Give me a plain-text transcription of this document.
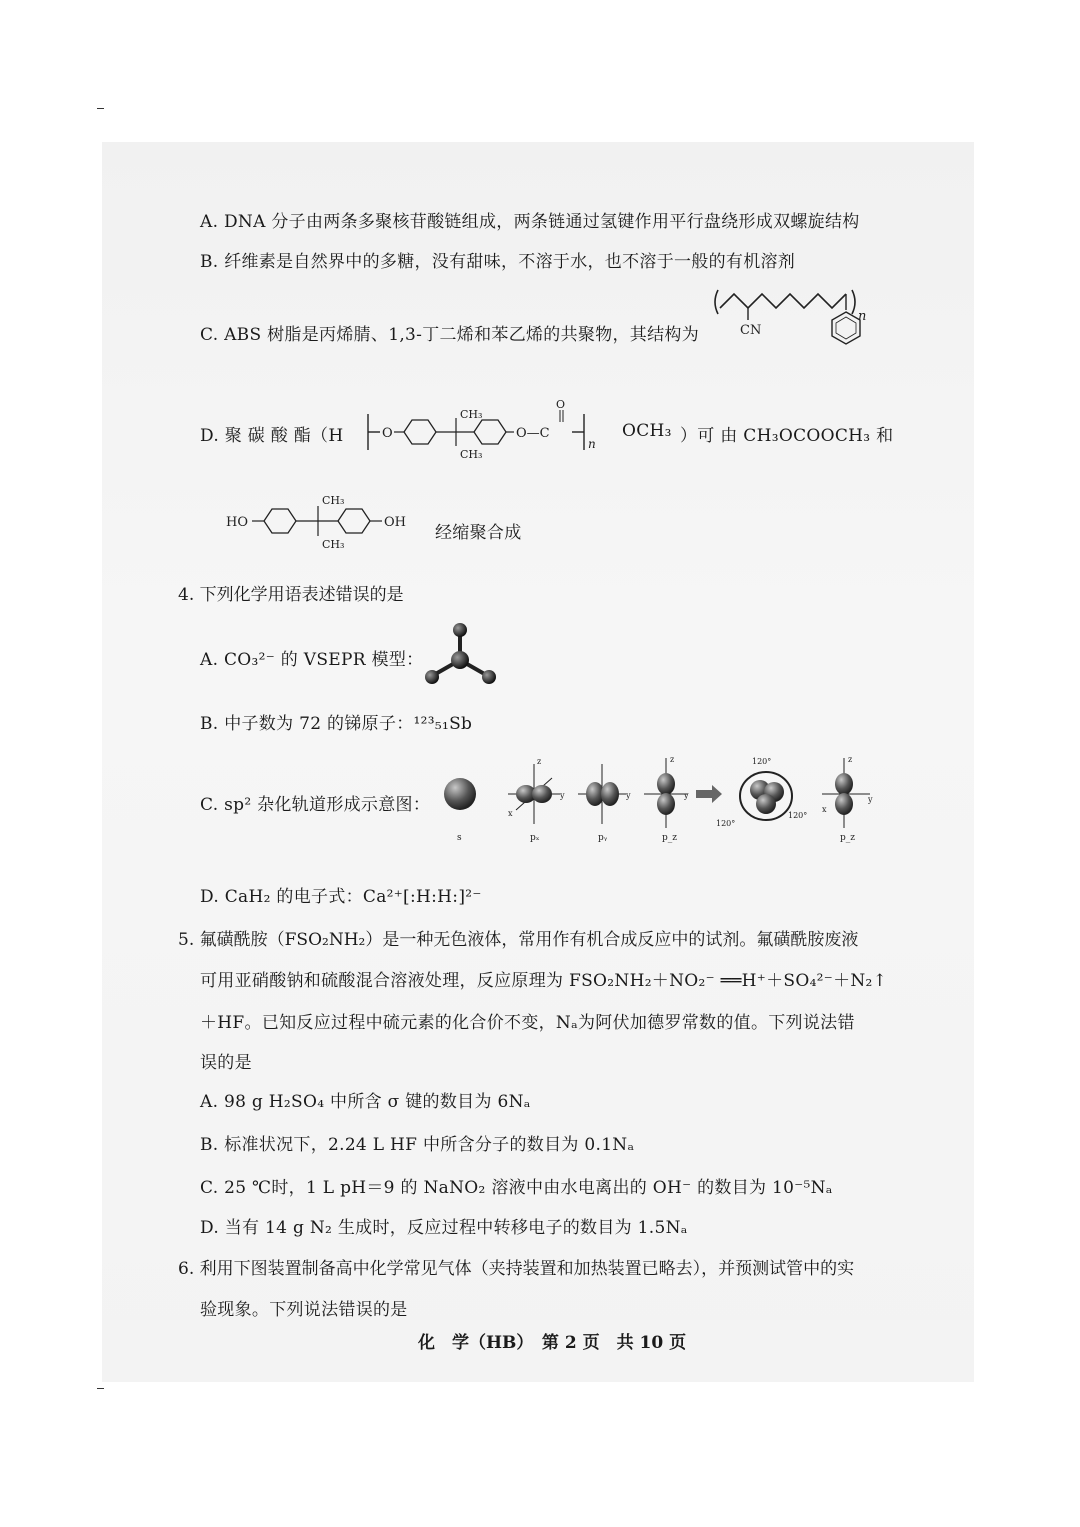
A. DNA 分子由两条多聚核苷酸链组成，两条链通过氢键作用平行盘绕形成双螺旋结构
B. 纤维素是自然界中的多糖，没有甜味，不溶于水，也不溶于一般的有机溶剂
C. ABS 树脂是丙烯腈、1,3-丁二烯和苯乙烯的共聚物，其结构为	CN
n
D. 聚 碳 酸 酯（H	O
CH₃
CH₃
O—C
O
n
OCH₃ ）可 由 CH₃OCOOCH₃ 和
HO
CH₃
CH₃
OH
经缩聚合成
4. 下列化学用语表述错误的是
A. CO₃²⁻ 的 VSEPR 模型：
B. 中子数为 72 的锑原子：¹²³₅₁Sb
C. sp² 杂化轨道形成示意图：
s
z
y
x
pₓ
y
pᵧ
z
y
p_z
120°
120°
120°
z
y
x
p_z
D. CaH₂ 的电子式：Ca²⁺[:H:H:]²⁻
5. 氟磺酰胺（FSO₂NH₂）是一种无色液体，常用作有机合成反应中的试剂。氟磺酰胺废液
可用亚硝酸钠和硫酸混合溶液处理，反应原理为 FSO₂NH₂＋NO₂⁻ ══H⁺＋SO₄²⁻＋N₂↑
＋HF。已知反应过程中硫元素的化合价不变，Nₐ为阿伏加德罗常数的值。下列说法错
误的是
A. 98 g H₂SO₄ 中所含 σ 键的数目为 6Nₐ
B. 标准状况下，2.24 L HF 中所含分子的数目为 0.1Nₐ
C. 25 ℃时，1 L pH＝9 的 NaNO₂ 溶液中由水电离出的 OH⁻ 的数目为 10⁻⁵Nₐ
D. 当有 14 g N₂ 生成时，反应过程中转移电子的数目为 1.5Nₐ
6. 利用下图装置制备高中化学常见气体（夹持装置和加热装置已略去），并预测试管中的实
验现象。下列说法错误的是
化　学（HB）　第 2 页　共 10 页
